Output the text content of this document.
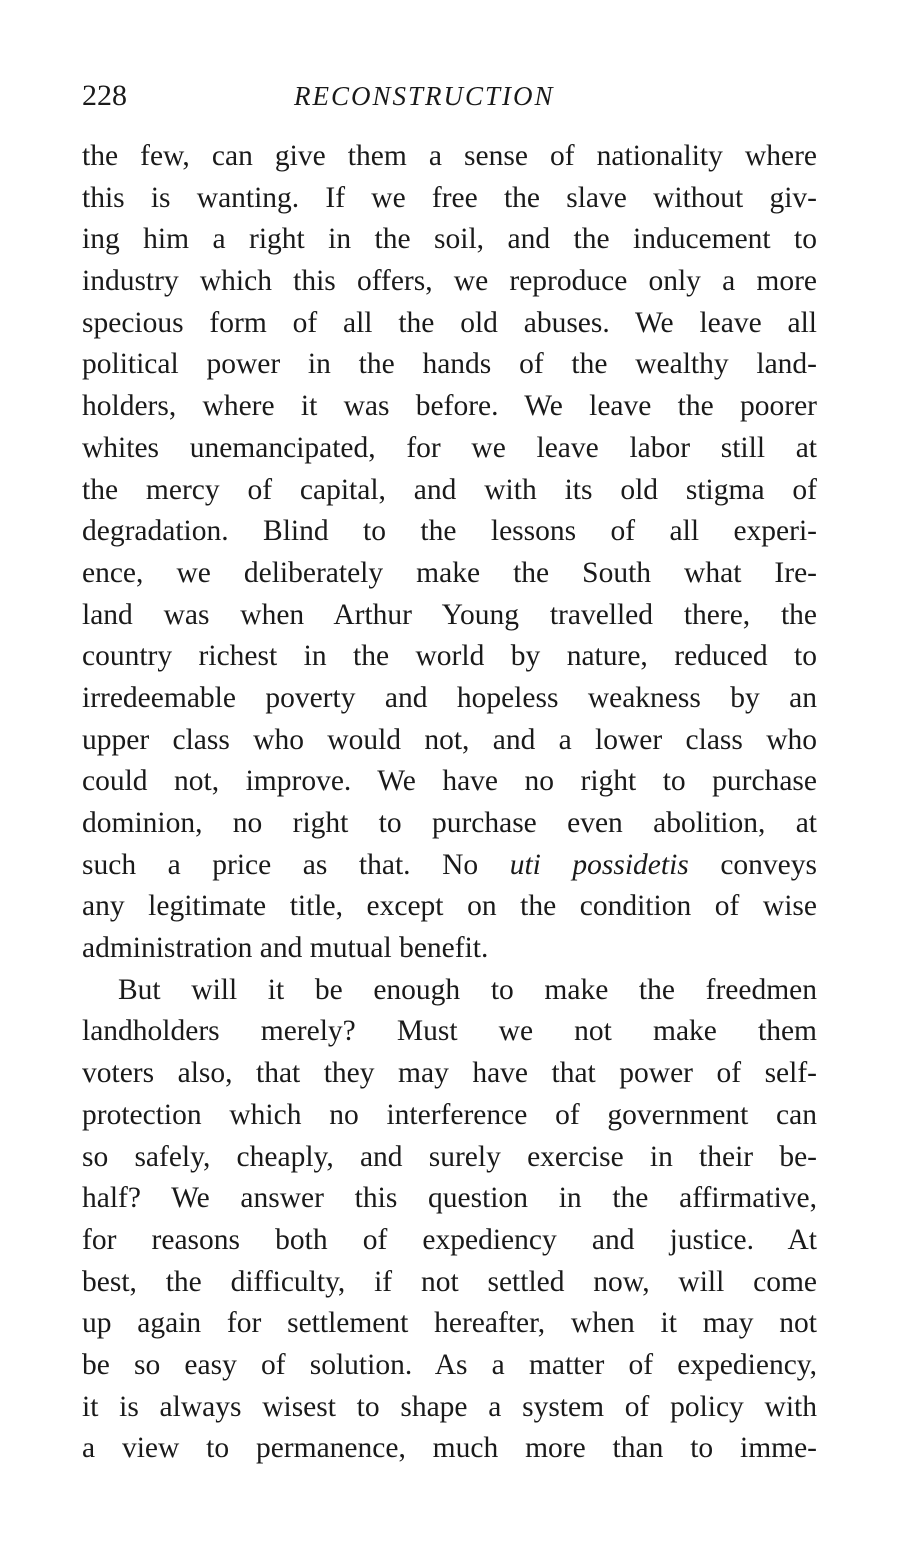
228	RECONSTRUCTION
the few, can give them a sense of nationality where
this is wanting. If we free the slave without giv-
ing him a right in the soil, and the inducement to
industry which this offers, we reproduce only a more
specious form of all the old abuses. We leave all
political power in the hands of the wealthy land-
holders, where it was before. We leave the poorer
whites unemancipated, for we leave labor still at
the mercy of capital, and with its old stigma of
degradation. Blind to the lessons of all experi-
ence, we deliberately make the South what Ire-
land was when Arthur Young travelled there, the
country richest in the world by nature, reduced to
irredeemable poverty and hopeless weakness by an
upper class who would not, and a lower class who
could not, improve. We have no right to purchase
dominion, no right to purchase even abolition, at
such a price as that. No uti possidetis conveys
any legitimate title, except on the condition of wise
administration and mutual benefit.
But will it be enough to make the freedmen
landholders merely? Must we not make them
voters also, that they may have that power of self-
protection which no interference of government can
so safely, cheaply, and surely exercise in their be-
half? We answer this question in the affirmative,
for reasons both of expediency and justice. At
best, the difficulty, if not settled now, will come
up again for settlement hereafter, when it may not
be so easy of solution. As a matter of expediency,
it is always wisest to shape a system of policy with
a view to permanence, much more than to imme-
